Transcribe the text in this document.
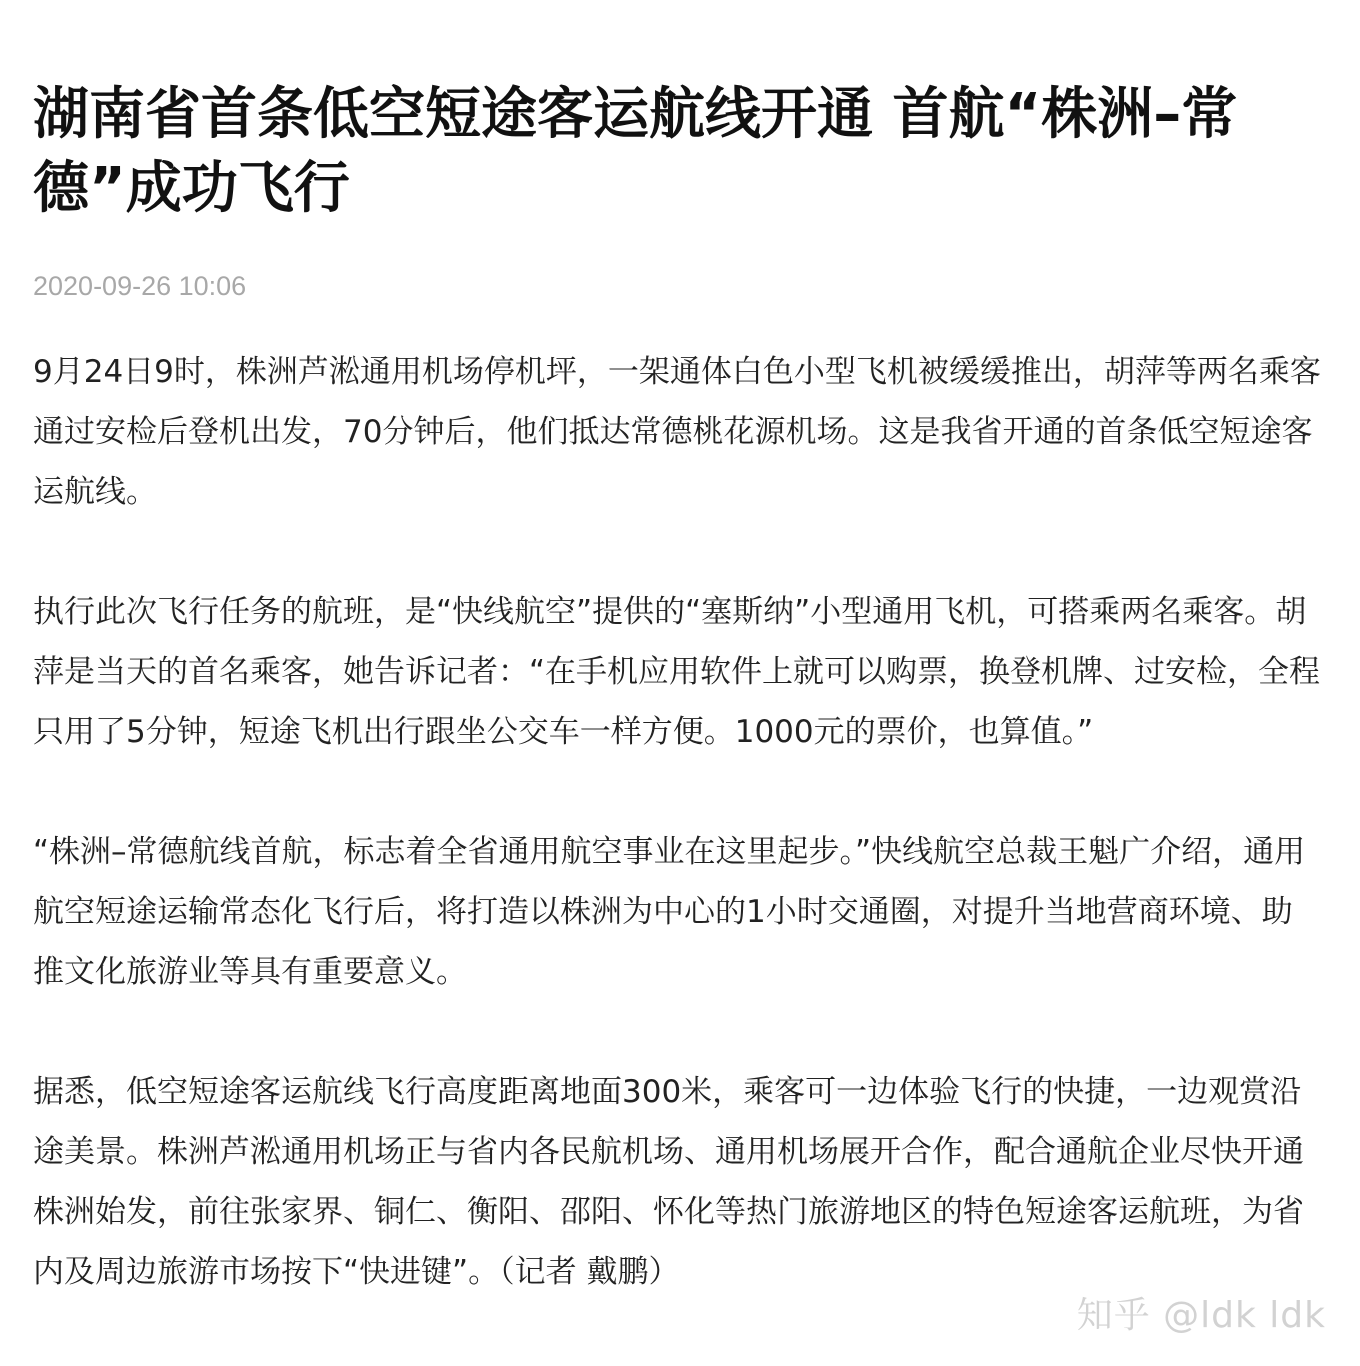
湖南省首条低空短途客运航线开通 首航“株洲–常德”成功飞行
2020-09-26 10:06

9月24日9时，株洲芦淞通用机场停机坪，一架通体白色小型飞机被缓缓推出，胡萍等两名乘客通过安检后登机出发，70分钟后，他们抵达常德桃花源机场。这是我省开通的首条低空短途客运航线。

执行此次飞行任务的航班，是“快线航空”提供的“塞斯纳”小型通用飞机，可搭乘两名乘客。胡萍是当天的首名乘客，她告诉记者：“在手机应用软件上就可以购票，换登机牌、过安检，全程只用了5分钟，短途飞机出行跟坐公交车一样方便。1000元的票价，也算值。”

“株洲–常德航线首航，标志着全省通用航空事业在这里起步。”快线航空总裁王魁广介绍，通用航空短途运输常态化飞行后，将打造以株洲为中心的1小时交通圈，对提升当地营商环境、助推文化旅游业等具有重要意义。

据悉，低空短途客运航线飞行高度距离地面300米，乘客可一边体验飞行的快捷，一边观赏沿途美景。株洲芦淞通用机场正与省内各民航机场、通用机场展开合作，配合通航企业尽快开通株洲始发，前往张家界、铜仁、衡阳、邵阳、怀化等热门旅游地区的特色短途客运航班，为省内及周边旅游市场按下“快进键”。（记者 戴鹏）

知乎 @ldk ldk
